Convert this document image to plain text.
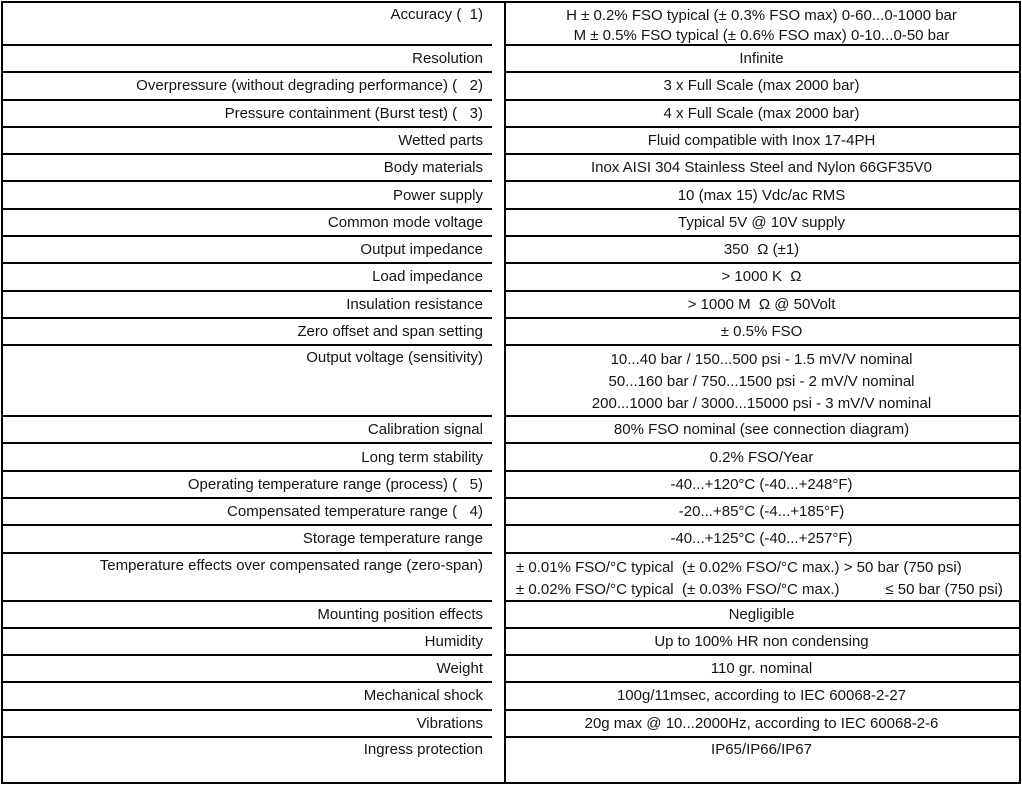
Accuracy (  1)	H ± 0.2% FSO typical (± 0.3% FSO max) 0-60...0-1000 bar
M ± 0.5% FSO typical (± 0.6% FSO max) 0-10...0-50 bar
Resolution	Infinite
Overpressure (without degrading performance) (   2)	3 x Full Scale (max 2000 bar)
Pressure containment (Burst test) (   3)	4 x Full Scale (max 2000 bar)
Wetted parts	Fluid compatible with Inox 17-4PH
Body materials	Inox AISI 304 Stainless Steel and Nylon 66GF35V0
Power supply	10 (max 15) Vdc/ac RMS
Common mode voltage	Typical 5V @ 10V supply
Output impedance	350  Ω (±1)
Load impedance	> 1000 K  Ω
Insulation resistance	> 1000 M  Ω @ 50Volt
Zero offset and span setting	± 0.5% FSO
Output voltage (sensitivity)	10...40 bar / 150...500 psi - 1.5 mV/V nominal
50...160 bar / 750...1500 psi - 2 mV/V nominal
200...1000 bar / 3000...15000 psi - 3 mV/V nominal
Calibration signal	80% FSO nominal (see connection diagram)
Long term stability	0.2% FSO/Year
Operating temperature range (process) (   5)	-40...+120°C (-40...+248°F)
Compensated temperature range (   4)	-20...+85°C (-4...+185°F)
Storage temperature range	-40...+125°C (-40...+257°F)
Temperature effects over compensated range (zero-span)	± 0.01% FSO/°C typical  (± 0.02% FSO/°C max.) > 50 bar (750 psi)
± 0.02% FSO/°C typical  (± 0.03% FSO/°C max.)           ≤ 50 bar (750 psi)
Mounting position effects	Negligible
Humidity	Up to 100% HR non condensing
Weight	110 gr. nominal
Mechanical shock	100g/11msec, according to IEC 60068-2-27
Vibrations	20g max @ 10...2000Hz, according to IEC 60068-2-6
Ingress protection	IP65/IP66/IP67
